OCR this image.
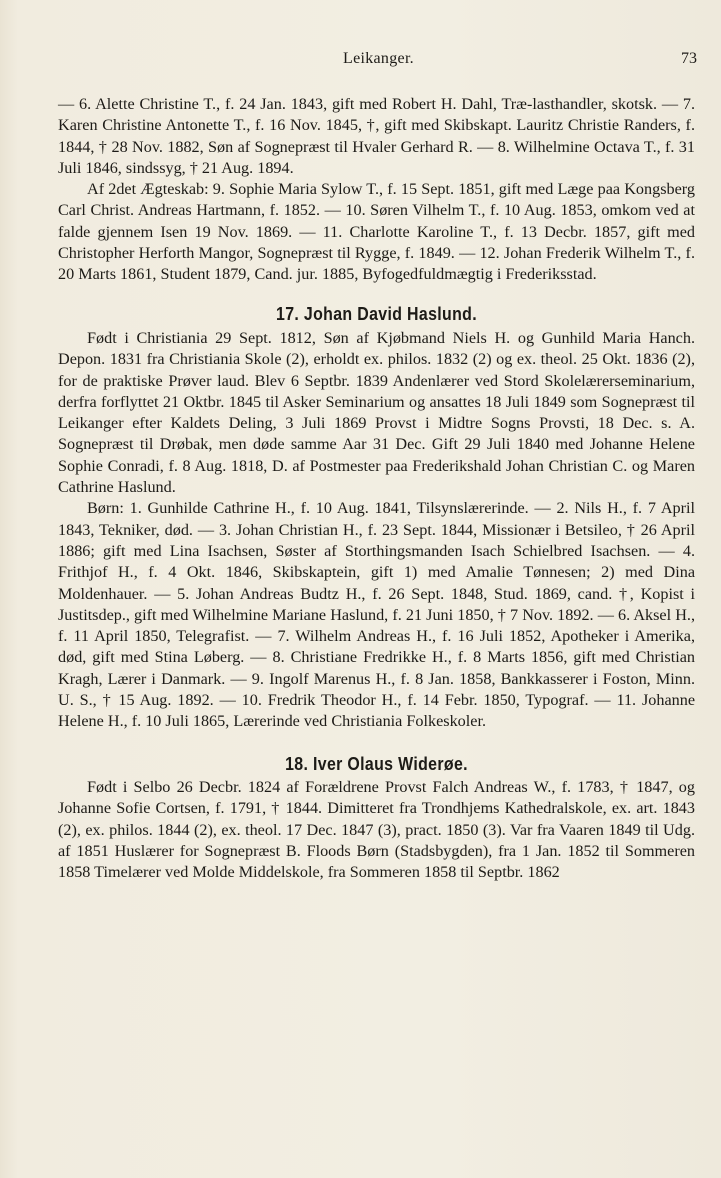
Leikanger.	73

— 6. Alette Christine T., f. 24 Jan. 1843, gift med Robert H. Dahl, Træ-lasthandler, skotsk. — 7. Karen Christine Antonette T., f. 16 Nov. 1845, †, gift med Skibskapt. Lauritz Christie Randers, f. 1844, † 28 Nov. 1882, Søn af Sognepræst til Hvaler Gerhard R. — 8. Wilhelmine Octava T., f. 31 Juli 1846, sindssyg, † 21 Aug. 1894.

Af 2det Ægteskab: 9. Sophie Maria Sylow T., f. 15 Sept. 1851, gift med Læge paa Kongsberg Carl Christ. Andreas Hartmann, f. 1852. — 10. Søren Vilhelm T., f. 10 Aug. 1853, omkom ved at falde gjennem Isen 19 Nov. 1869. — 11. Charlotte Karoline T., f. 13 Decbr. 1857, gift med Christopher Herforth Mangor, Sognepræst til Rygge, f. 1849. — 12. Johan Frederik Wilhelm T., f. 20 Marts 1861, Student 1879, Cand. jur. 1885, Byfogedfuldmægtig i Frederiksstad.

17. Johan David Haslund.

Født i Christiania 29 Sept. 1812, Søn af Kjøbmand Niels H. og Gunhild Maria Hanch. Depon. 1831 fra Christiania Skole (2), erholdt ex. philos. 1832 (2) og ex. theol. 25 Okt. 1836 (2), for de praktiske Prøver laud. Blev 6 Septbr. 1839 Andenlærer ved Stord Skolelærerseminarium, derfra forflyttet 21 Oktbr. 1845 til Asker Seminarium og ansattes 18 Juli 1849 som Sognepræst til Leikanger efter Kaldets Deling, 3 Juli 1869 Provst i Midtre Sogns Provsti, 18 Dec. s. A. Sognepræst til Drøbak, men døde samme Aar 31 Dec. Gift 29 Juli 1840 med Johanne Helene Sophie Conradi, f. 8 Aug. 1818, D. af Postmester paa Frederikshald Johan Christian C. og Maren Cathrine Haslund.

Børn: 1. Gunhilde Cathrine H., f. 10 Aug. 1841, Tilsynslærerinde. — 2. Nils H., f. 7 April 1843, Tekniker, død. — 3. Johan Christian H., f. 23 Sept. 1844, Missionær i Betsileo, † 26 April 1886; gift med Lina Isachsen, Søster af Storthingsmanden Isach Schielbred Isachsen. — 4. Frithjof H., f. 4 Okt. 1846, Skibskaptein, gift 1) med Amalie Tønnesen; 2) med Dina Moldenhauer. — 5. Johan Andreas Budtz H., f. 26 Sept. 1848, Stud. 1869, cand. †, Kopist i Justitsdep., gift med Wilhelmine Mariane Haslund, f. 21 Juni 1850, † 7 Nov. 1892. — 6. Aksel H., f. 11 April 1850, Telegrafist. — 7. Wilhelm Andreas H., f. 16 Juli 1852, Apotheker i Amerika, død, gift med Stina Løberg. — 8. Christiane Fredrikke H., f. 8 Marts 1856, gift med Christian Kragh, Lærer i Danmark. — 9. Ingolf Marenus H., f. 8 Jan. 1858, Bankkasserer i Foston, Minn. U. S., † 15 Aug. 1892. — 10. Fredrik Theodor H., f. 14 Febr. 1850, Typograf. — 11. Johanne Helene H., f. 10 Juli 1865, Lærerinde ved Christiania Folkeskoler.

18. Iver Olaus Widerøe.

Født i Selbo 26 Decbr. 1824 af Forældrene Provst Falch Andreas W., f. 1783, † 1847, og Johanne Sofie Cortsen, f. 1791, † 1844. Dimitteret fra Trondhjems Kathedralskole, ex. art. 1843 (2), ex. philos. 1844 (2), ex. theol. 17 Dec. 1847 (3), pract. 1850 (3). Var fra Vaaren 1849 til Udg. af 1851 Huslærer for Sognepræst B. Floods Børn (Stadsbygden), fra 1 Jan. 1852 til Sommeren 1858 Timelærer ved Molde Middelskole, fra Sommeren 1858 til Septbr. 1862
